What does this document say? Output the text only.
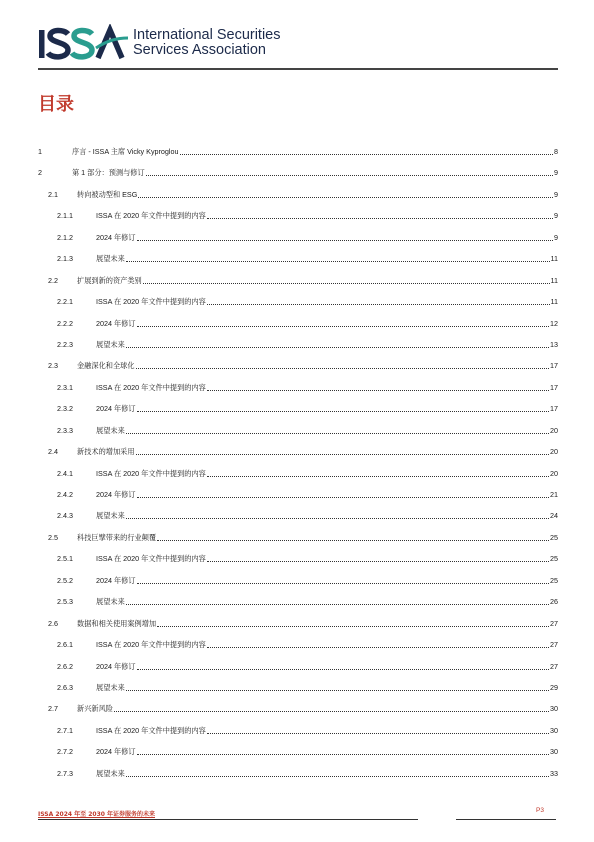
International Securities
Services Association
目录
1	序言 - ISSA 主席 Vicky Kyproglou	8
2	第 1 部分：预测与修订	9
2.1	转向被动型和 ESG	9
2.1.1	ISSA 在 2020 年文件中提到的内容	9
2.1.2	2024 年修订	9
2.1.3	展望未来	11
2.2	扩展到新的资产类别	11
2.2.1	ISSA 在 2020 年文件中提到的内容	11
2.2.2	2024 年修订	12
2.2.3	展望未来	13
2.3	金融深化和全球化	17
2.3.1	ISSA 在 2020 年文件中提到的内容	17
2.3.2	2024 年修订	17
2.3.3	展望未来	20
2.4	新技术的增加采用	20
2.4.1	ISSA 在 2020 年文件中提到的内容	20
2.4.2	2024 年修订	21
2.4.3	展望未来	24
2.5	科技巨擘带来的行业颠覆	25
2.5.1	ISSA 在 2020 年文件中提到的内容	25
2.5.2	2024 年修订	25
2.5.3	展望未来	26
2.6	数据和相关使用案例增加	27
2.6.1	ISSA 在 2020 年文件中提到的内容	27
2.6.2	2024 年修订	27
2.6.3	展望未来	29
2.7	新兴新风险	30
2.7.1	ISSA 在 2020 年文件中提到的内容	30
2.7.2	2024 年修订	30
2.7.3	展望未来	33
ISSA 2024 年至 2030 年证券服务的未来
P3
